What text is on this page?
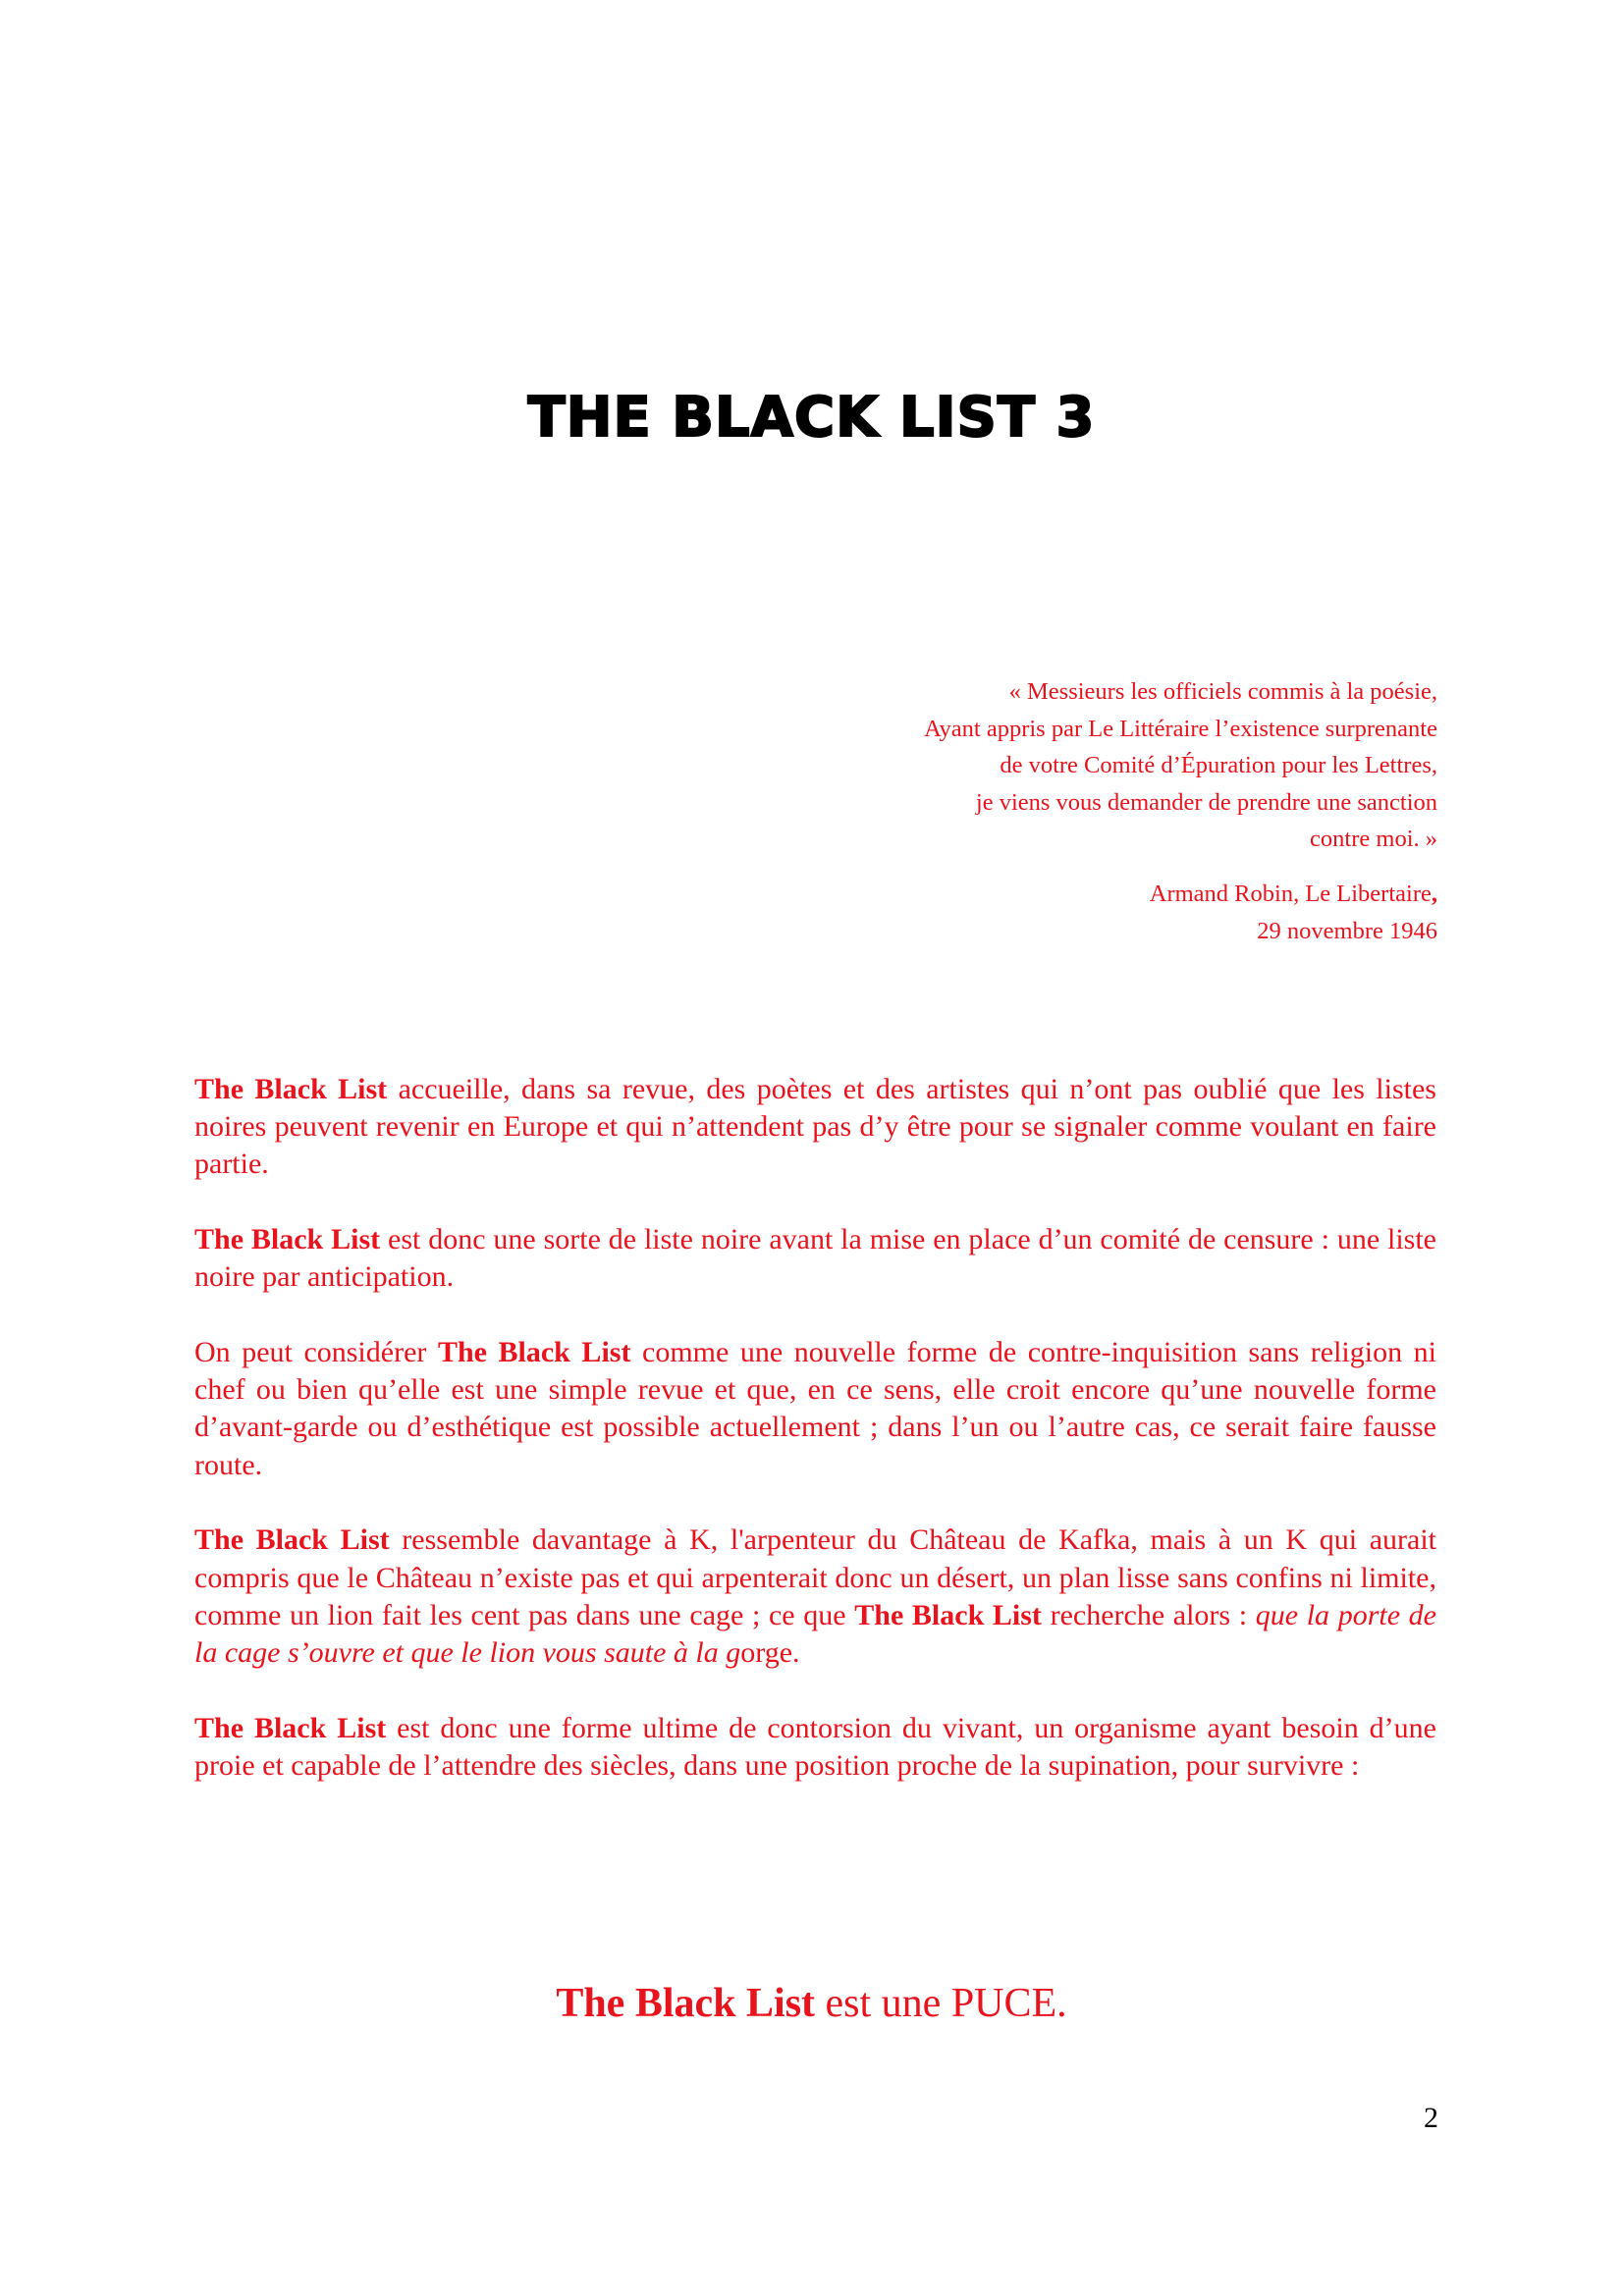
THE BLACK LIST 3
« Messieurs les officiels commis à la poésie,
Ayant appris par Le Littéraire l’existence surprenante
de votre Comité d’Épuration pour les Lettres,
je viens vous demander de prendre une sanction
contre moi. »
Armand Robin, Le Libertaire,
29 novembre 1946

The Black List accueille, dans sa revue, des poètes et des artistes qui n’ont pas oublié que les listes noires peuvent revenir en Europe et qui n’attendent pas d’y être pour se signaler comme voulant en faire partie.

The Black List est donc une sorte de liste noire avant la mise en place d’un comité de censure : une liste noire par anticipation.

On peut considérer The Black List comme une nouvelle forme de contre-inquisition sans religion ni chef ou bien qu’elle est une simple revue et que, en ce sens, elle croit encore qu’une nouvelle forme d’avant-garde ou d’esthétique est possible actuellement ; dans l’un ou l’autre cas, ce serait faire fausse route.

The Black List ressemble davantage à K, l'arpenteur du Château de Kafka, mais à un K qui aurait compris que le Château n’existe pas et qui arpenterait donc un désert, un plan lisse sans confins ni limite, comme un lion fait les cent pas dans une cage ; ce que The Black List recherche alors : que la porte de la cage s’ouvre et que le lion vous saute à la gorge.

The Black List est donc une forme ultime de contorsion du vivant, un organisme ayant besoin d’une proie et capable de l’attendre des siècles, dans une position proche de la supination, pour survivre :

The Black List est une PUCE.
2
